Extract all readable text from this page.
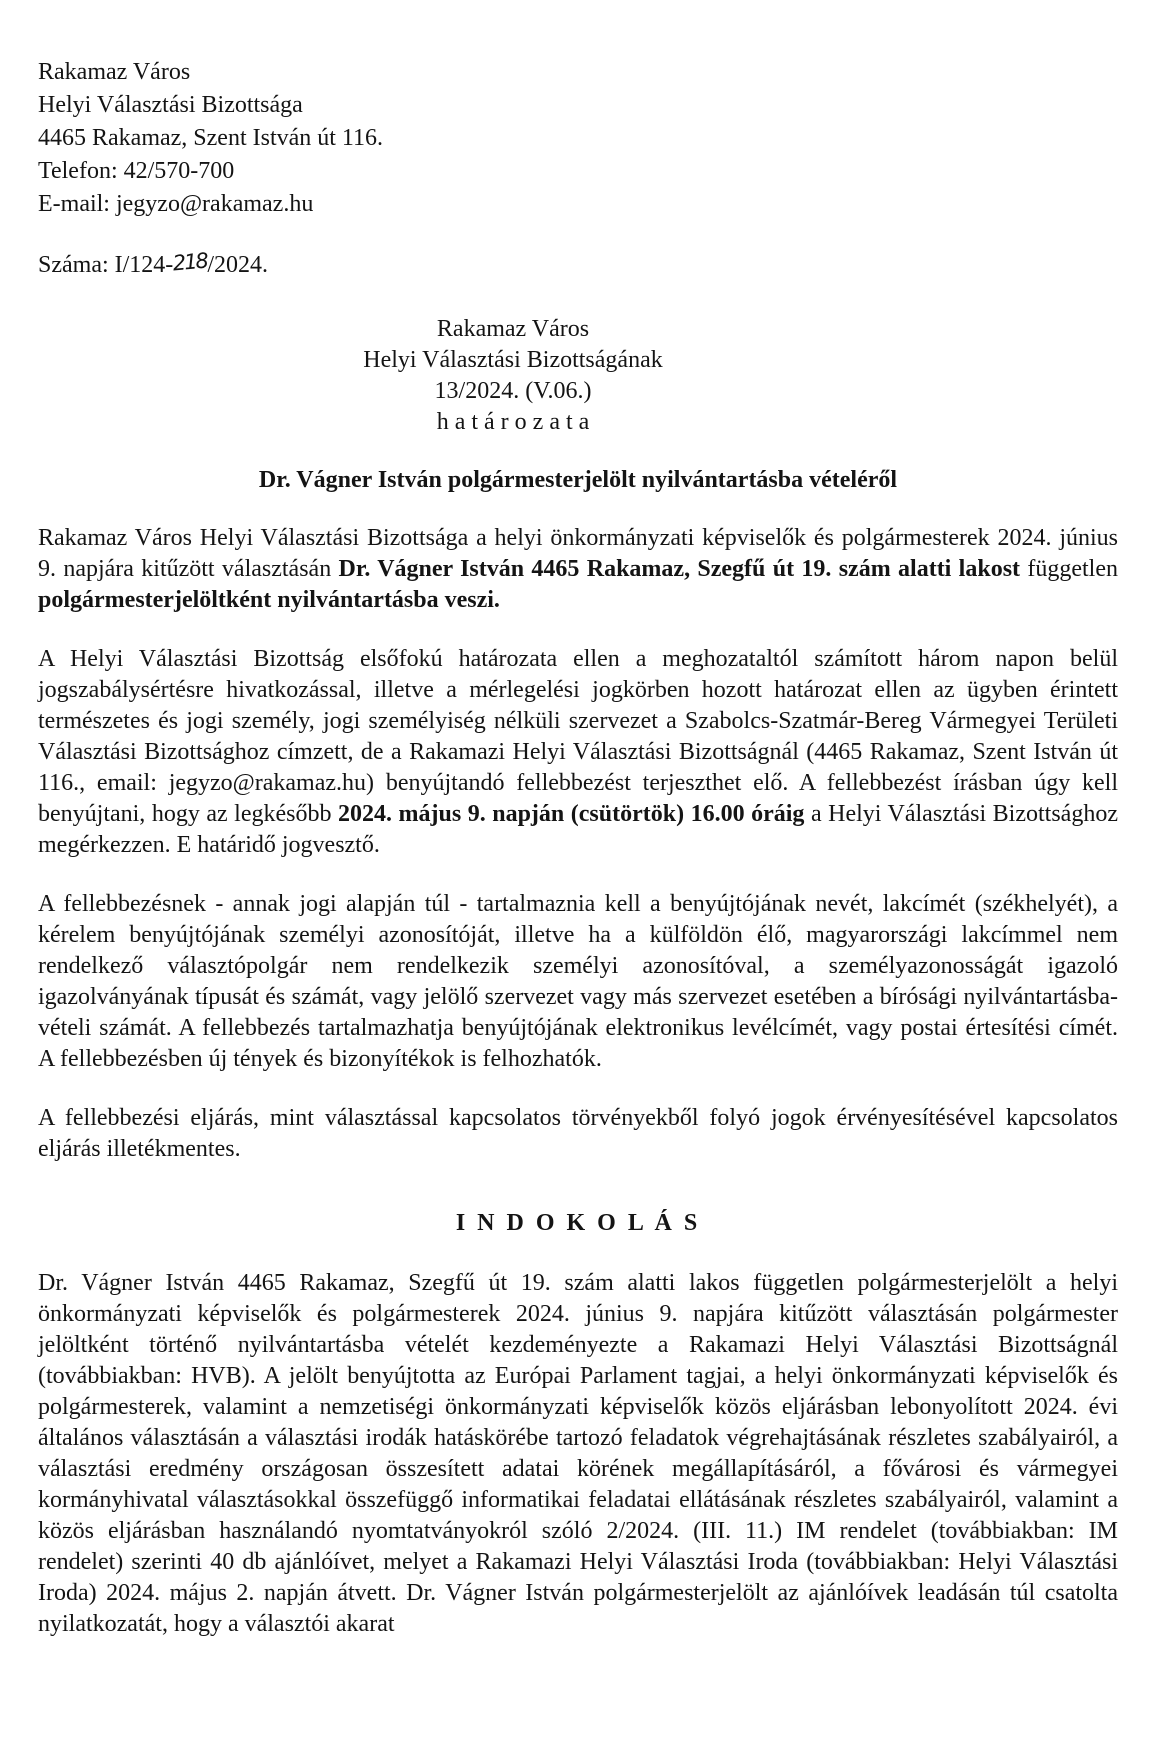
Rakamaz Város
Helyi Választási Bizottsága
4465 Rakamaz, Szent István út 116.
Telefon: 42/570-700
E-mail: jegyzo@rakamaz.hu
Száma: I/124-218/2024.
Rakamaz Város
Helyi Választási Bizottságának
13/2024. (V.06.)
h a t á r o z a t a
Dr. Vágner István polgármesterjelölt nyilvántartásba vételéről

Rakamaz Város Helyi Választási Bizottsága a helyi önkormányzati képviselők és polgármesterek 2024. június 9. napjára kitűzött választásán Dr. Vágner István 4465 Rakamaz, Szegfű út 19. szám alatti lakost független polgármesterjelöltként nyilvántartásba veszi.

A Helyi Választási Bizottság elsőfokú határozata ellen a meghozataltól számított három napon belül jogszabálysértésre hivatkozással, illetve a mérlegelési jogkörben hozott határozat ellen az ügyben érintett természetes és jogi személy, jogi személyiség nélküli szervezet a Szabolcs-Szatmár-Bereg Vármegyei Területi Választási Bizottsághoz címzett, de a Rakamazi Helyi Választási Bizottságnál (4465 Rakamaz, Szent István út 116., email: jegyzo@rakamaz.hu) benyújtandó fellebbezést terjeszthet elő. A fellebbezést írásban úgy kell benyújtani, hogy az legkésőbb 2024. május 9. napján (csütörtök) 16.00 óráig a Helyi Választási Bizottsághoz megérkezzen. E határidő jogvesztő.

A fellebbezésnek - annak jogi alapján túl - tartalmaznia kell a benyújtójának nevét, lakcímét (székhelyét), a kérelem benyújtójának személyi azonosítóját, illetve ha a külföldön élő, magyarországi lakcímmel nem rendelkező választópolgár nem rendelkezik személyi azonosítóval, a személyazonosságát igazoló igazolványának típusát és számát, vagy jelölő szervezet vagy más szervezet esetében a bírósági nyilvántartásba-vételi számát. A fellebbezés tartalmazhatja benyújtójának elektronikus levélcímét, vagy postai értesítési címét. A fellebbezésben új tények és bizonyítékok is felhozhatók.

A fellebbezési eljárás, mint választással kapcsolatos törvényekből folyó jogok érvényesítésével kapcsolatos eljárás illetékmentes.

I N D O K O L Á S

Dr. Vágner István 4465 Rakamaz, Szegfű út 19. szám alatti lakos független polgármesterjelölt a helyi önkormányzati képviselők és polgármesterek 2024. június 9. napjára kitűzött választásán polgármester jelöltként történő nyilvántartásba vételét kezdeményezte a Rakamazi Helyi Választási Bizottságnál (továbbiakban: HVB). A jelölt benyújtotta az Európai Parlament tagjai, a helyi önkormányzati képviselők és polgármesterek, valamint a nemzetiségi önkormányzati képviselők közös eljárásban lebonyolított 2024. évi általános választásán a választási irodák hatáskörébe tartozó feladatok végrehajtásának részletes szabályairól, a választási eredmény országosan összesített adatai körének megállapításáról, a fővárosi és vármegyei kormányhivatal választásokkal összefüggő informatikai feladatai ellátásának részletes szabályairól, valamint a közös eljárásban használandó nyomtatványokról szóló 2/2024. (III. 11.) IM rendelet (továbbiakban: IM rendelet) szerinti 40 db ajánlóívet, melyet a Rakamazi Helyi Választási Iroda (továbbiakban: Helyi Választási Iroda) 2024. május 2. napján átvett. Dr. Vágner István polgármesterjelölt az ajánlóívek leadásán túl csatolta nyilatkozatát, hogy a választói akarat
